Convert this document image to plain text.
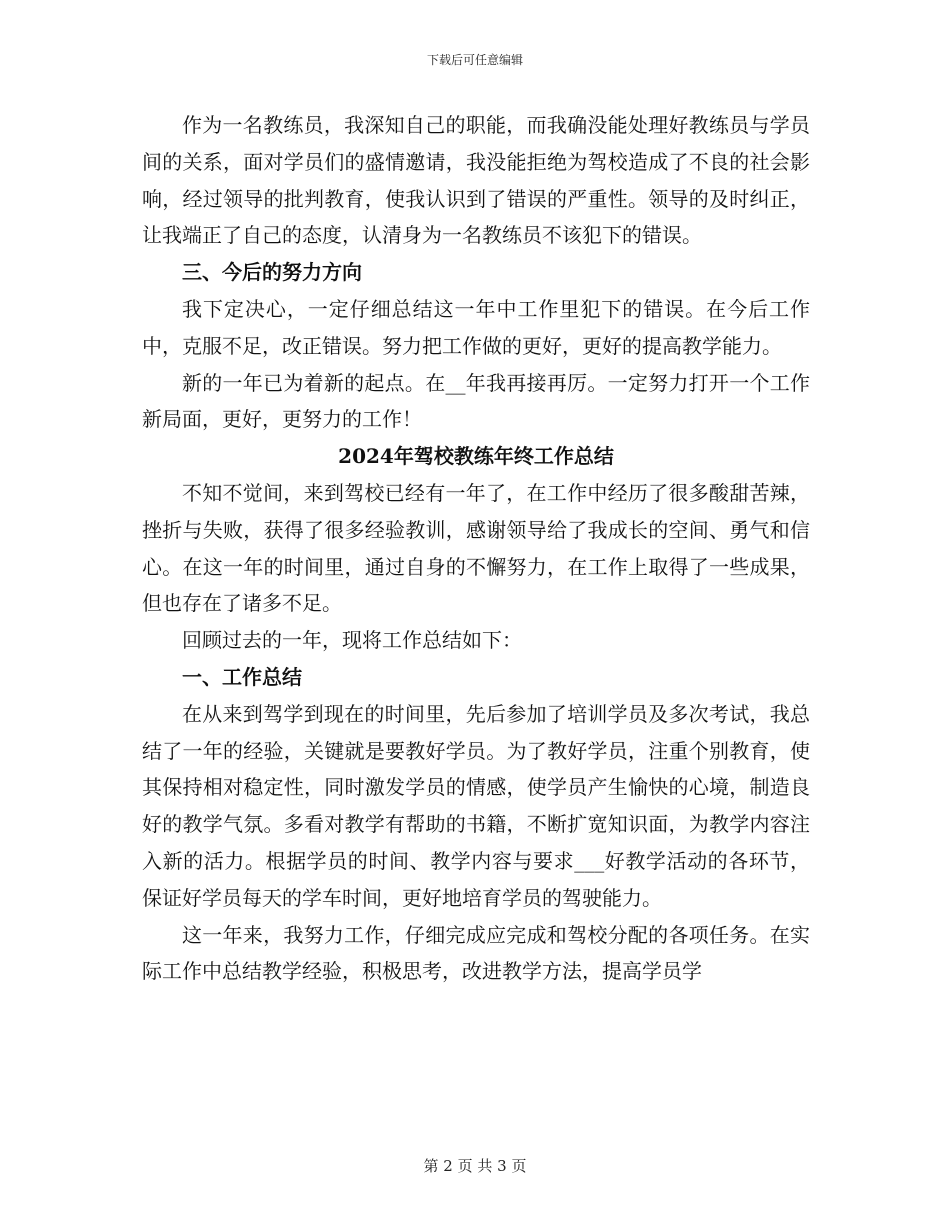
下载后可任意编辑

作为一名教练员，我深知自己的职能，而我确没能处理好教练员与学员间的关系，面对学员们的盛情邀请，我没能拒绝为驾校造成了不良的社会影响，经过领导的批判教育，使我认识到了错误的严重性。领导的及时纠正，让我端正了自己的态度，认清身为一名教练员不该犯下的错误。

三、今后的努力方向

我下定决心，一定仔细总结这一年中工作里犯下的错误。在今后工作中，克服不足，改正错误。努力把工作做的更好，更好的提高教学能力。

新的一年已为着新的起点。在__年我再接再厉。一定努力打开一个工作新局面，更好，更努力的工作！

2024年驾校教练年终工作总结

不知不觉间，来到驾校已经有一年了，在工作中经历了很多酸甜苦辣，挫折与失败，获得了很多经验教训，感谢领导给了我成长的空间、勇气和信心。在这一年的时间里，通过自身的不懈努力，在工作上取得了一些成果，但也存在了诸多不足。

回顾过去的一年，现将工作总结如下：

一、工作总结

在从来到驾学到现在的时间里，先后参加了培训学员及多次考试，我总结了一年的经验，关键就是要教好学员。为了教好学员，注重个别教育，使其保持相对稳定性，同时激发学员的情感，使学员产生愉快的心境，制造良好的教学气氛。多看对教学有帮助的书籍，不断扩宽知识面，为教学内容注入新的活力。根据学员的时间、教学内容与要求___好教学活动的各环节，保证好学员每天的学车时间，更好地培育学员的驾驶能力。

这一年来，我努力工作，仔细完成应完成和驾校分配的各项任务。在实际工作中总结教学经验，积极思考，改进教学方法，提高学员学

第 2 页 共 3 页
